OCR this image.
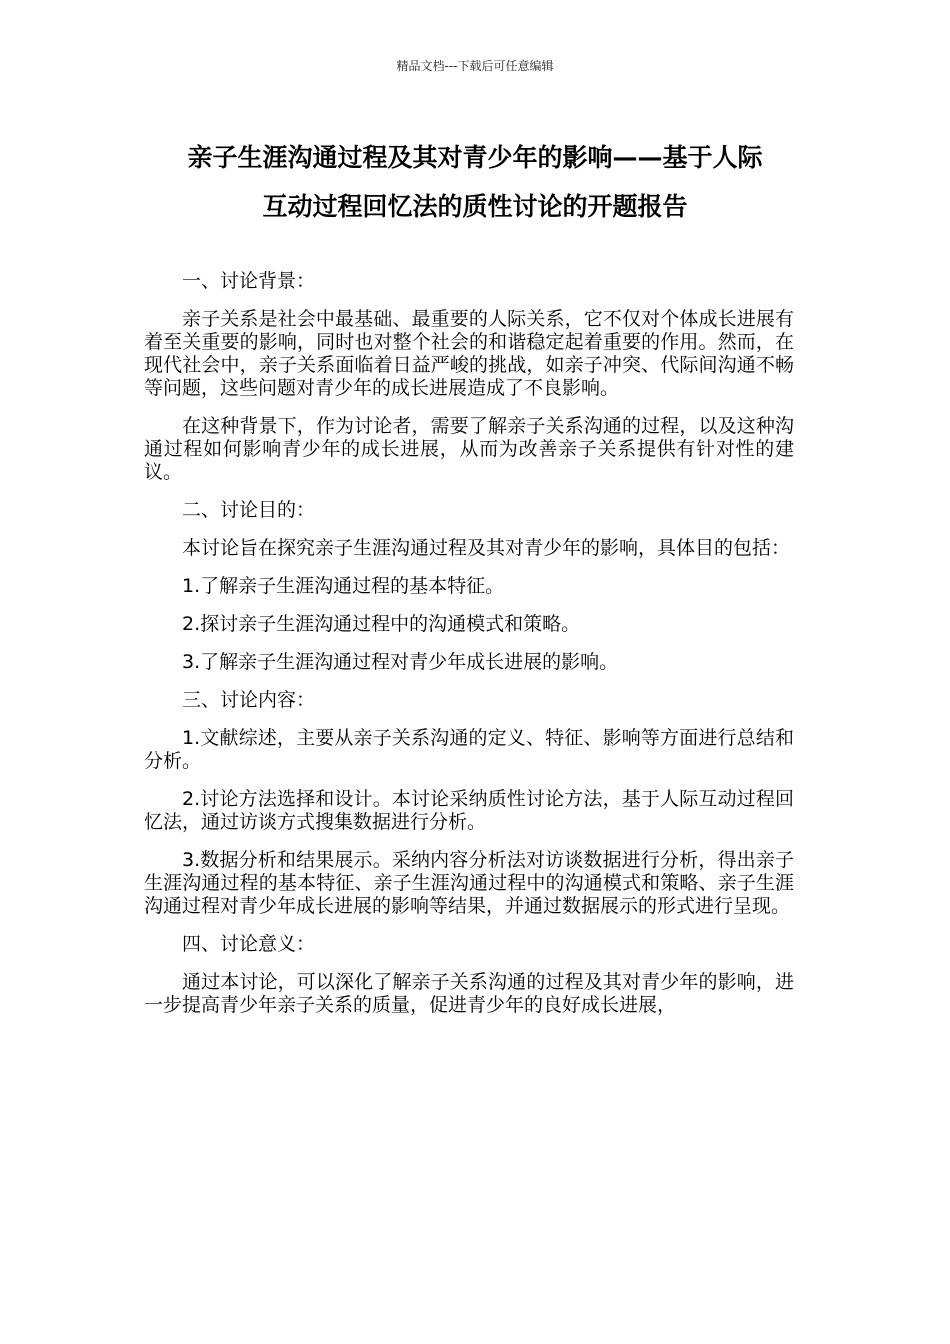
精品文档---下载后可任意编辑
亲子生涯沟通过程及其对青少年的影响——基于人际
互动过程回忆法的质性讨论的开题报告

一、讨论背景：

亲子关系是社会中最基础、最重要的人际关系，它不仅对个体成长进展有着至关重要的影响，同时也对整个社会的和谐稳定起着重要的作用。然而，在现代社会中，亲子关系面临着日益严峻的挑战，如亲子冲突、代际间沟通不畅等问题，这些问题对青少年的成长进展造成了不良影响。

在这种背景下，作为讨论者，需要了解亲子关系沟通的过程，以及这种沟通过程如何影响青少年的成长进展，从而为改善亲子关系提供有针对性的建议。

二、讨论目的：

本讨论旨在探究亲子生涯沟通过程及其对青少年的影响，具体目的包括：

1.了解亲子生涯沟通过程的基本特征。

2.探讨亲子生涯沟通过程中的沟通模式和策略。

3.了解亲子生涯沟通过程对青少年成长进展的影响。

三、讨论内容：

1.文献综述，主要从亲子关系沟通的定义、特征、影响等方面进行总结和分析。

2.讨论方法选择和设计。本讨论采纳质性讨论方法，基于人际互动过程回忆法，通过访谈方式搜集数据进行分析。

3.数据分析和结果展示。采纳内容分析法对访谈数据进行分析，得出亲子生涯沟通过程的基本特征、亲子生涯沟通过程中的沟通模式和策略、亲子生涯沟通过程对青少年成长进展的影响等结果，并通过数据展示的形式进行呈现。

四、讨论意义：

通过本讨论，可以深化了解亲子关系沟通的过程及其对青少年的影响，进一步提高青少年亲子关系的质量，促进青少年的良好成长进展，
